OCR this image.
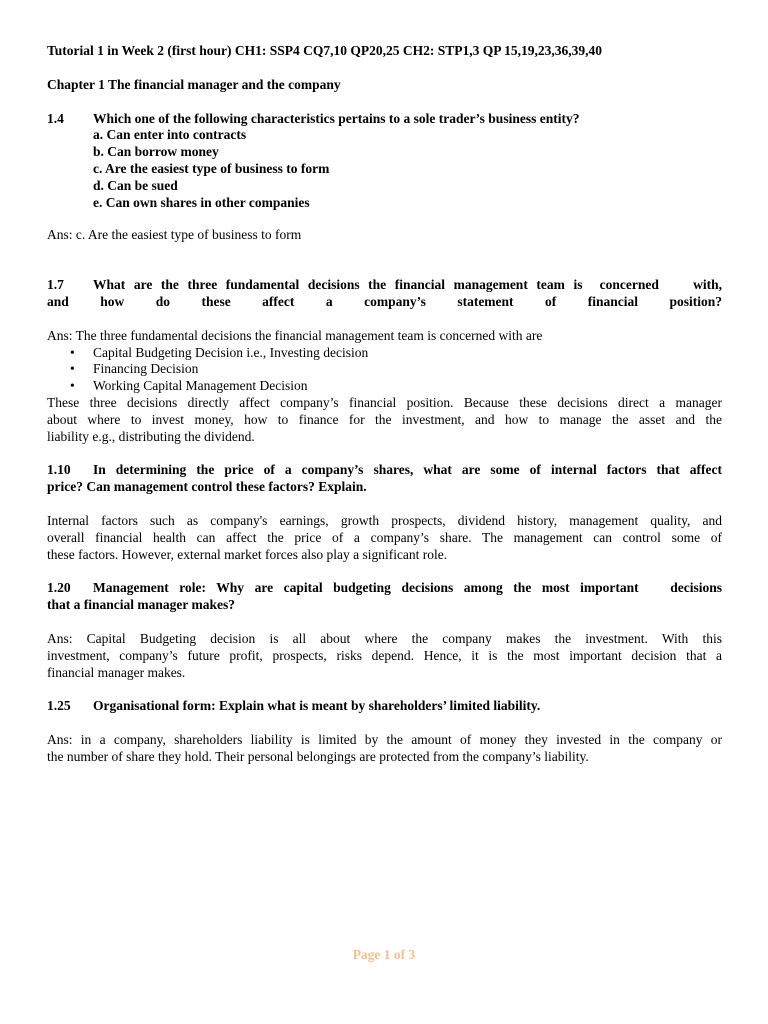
Tutorial 1 in Week 2 (first hour) CH1: SSP4 CQ7,10 QP20,25 CH2: STP1,3 QP 15,19,23,36,39,40
Chapter 1 The financial manager and the company
1.4	Which one of the following characteristics pertains to a sole trader’s business entity?
a. Can enter into contracts
b. Can borrow money
c. Are the easiest type of business to form
d. Can be sued
e. Can own shares in other companies
Ans: c. Are the easiest type of business to form
1.7	What are the three fundamental decisions the financial management team is  concerned    with,
and how do these affect a company’s statement of financial position?
Ans: The three fundamental decisions the financial management team is concerned with are
• Capital Budgeting Decision i.e., Investing decision
• Financing Decision
• Working Capital Management Decision
These three decisions directly affect company’s financial position. Because these decisions direct a manager
about where to invest money, how to finance for the investment, and how to manage the asset and the
liability e.g., distributing the dividend.
1.10	In determining the price of a company’s shares, what are some of internal factors that affect
price? Can management control these factors? Explain.
Internal factors such as company's earnings, growth prospects, dividend history, management quality, and
overall financial health can affect the price of a company’s share. The management can control some of
these factors. However, external market forces also play a significant role.
1.20	Management role: Why are capital budgeting decisions among the most important   decisions
that a financial manager makes?
Ans: Capital Budgeting decision is all about where the company makes the investment. With this
investment, company’s future profit, prospects, risks depend. Hence, it is the most important decision that a
financial manager makes.
1.25	Organisational form: Explain what is meant by shareholders’ limited liability.
Ans: in a company, shareholders liability is limited by the amount of money they invested in the company or
the number of share they hold. Their personal belongings are protected from the company’s liability.
Page 1 of 3
